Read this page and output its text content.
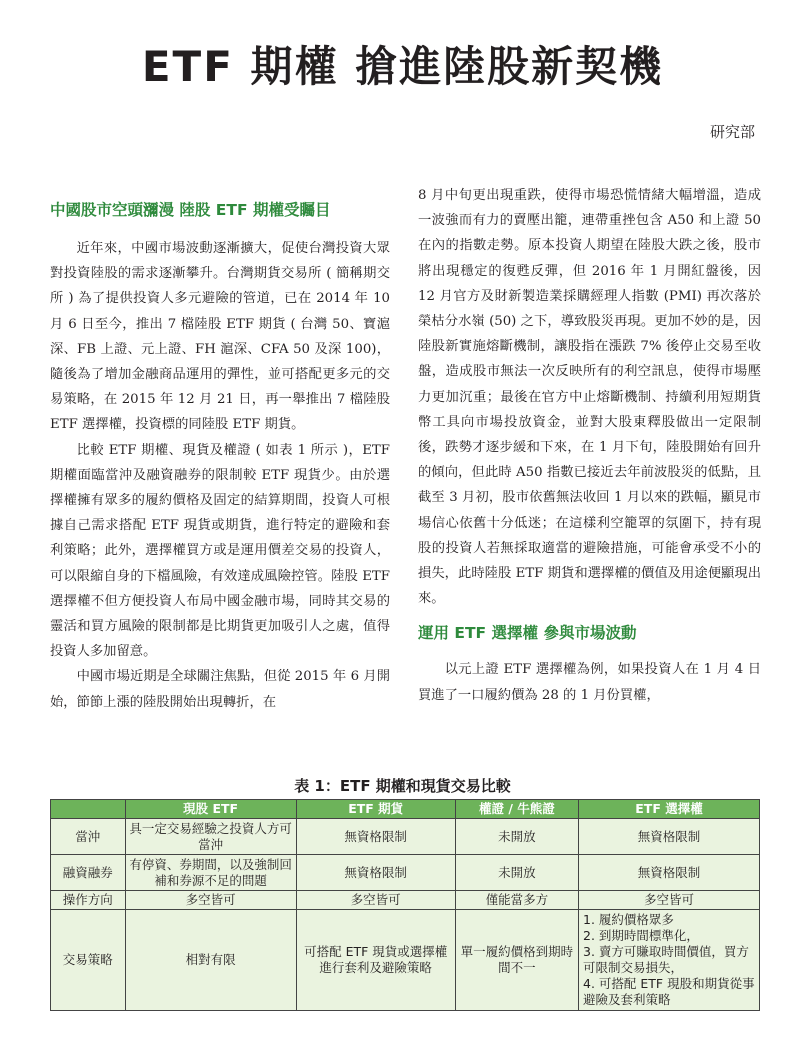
ETF 期權 搶進陸股新契機
研究部
中國股市空頭瀰漫 陸股 ETF 期權受矚目

近年來，中國市場波動逐漸擴大，促使台灣投資大眾對投資陸股的需求逐漸攀升。台灣期貨交易所 ( 簡稱期交所 ) 為了提供投資人多元避險的管道，已在 2014 年 10 月 6 日至今，推出 7 檔陸股 ETF 期貨 ( 台灣 50、寶滬深、FB 上證、元上證、FH 滬深、CFA 50 及深 100)，隨後為了增加金融商品運用的彈性，並可搭配更多元的交易策略，在 2015 年 12 月 21 日，再一舉推出 7 檔陸股 ETF 選擇權，投資標的同陸股 ETF 期貨。

比較 ETF 期權、現貨及權證 ( 如表 1 所示 )，ETF 期權面臨當沖及融資融券的限制較 ETF 現貨少。由於選擇權擁有眾多的履約價格及固定的結算期間，投資人可根據自己需求搭配 ETF 現貨或期貨，進行特定的避險和套利策略；此外，選擇權買方或是運用價差交易的投資人，可以限縮自身的下檔風險，有效達成風險控管。陸股 ETF 選擇權不但方便投資人布局中國金融市場，同時其交易的靈活和買方風險的限制都是比期貨更加吸引人之處，值得投資人多加留意。

中國市場近期是全球關注焦點，但從 2015 年 6 月開始，節節上漲的陸股開始出現轉折，在

8 月中旬更出現重跌，使得市場恐慌情緒大幅增溫，造成一波強而有力的賣壓出籠，連帶重挫包含 A50 和上證 50 在內的指數走勢。原本投資人期望在陸股大跌之後，股市將出現穩定的復甦反彈，但 2016 年 1 月開紅盤後，因 12 月官方及財新製造業採購經理人指數 (PMI) 再次落於榮枯分水嶺 (50) 之下，導致股災再現。更加不妙的是，因陸股新實施熔斷機制，讓股指在漲跌 7% 後停止交易至收盤，造成股市無法一次反映所有的利空訊息，使得市場壓力更加沉重；最後在官方中止熔斷機制、持續利用短期貨幣工具向市場投放資金，並對大股東釋股做出一定限制後，跌勢才逐步緩和下來，在 1 月下旬，陸股開始有回升的傾向，但此時 A50 指數已接近去年前波股災的低點，且截至 3 月初，股市依舊無法收回 1 月以來的跌幅，顯見市場信心依舊十分低迷；在這樣利空籠罩的氛圍下，持有現股的投資人若無採取適當的避險措施，可能會承受不小的損失，此時陸股 ETF 期貨和選擇權的價值及用途便顯現出來。

運用 ETF 選擇權 參與市場波動

以元上證 ETF 選擇權為例，如果投資人在 1 月 4 日買進了一口履約價為 28 的 1 月份買權，

表 1：ETF 期權和現貨交易比較
	現股 ETF	ETF 期貨	權證 / 牛熊證	ETF 選擇權
當沖	具一定交易經驗之投資人方可當沖	無資格限制	未開放	無資格限制
融資融券	有停資、券期間，以及強制回補和券源不足的問題	無資格限制	未開放	無資格限制
操作方向	多空皆可	多空皆可	僅能當多方	多空皆可
交易策略	相對有限	可搭配 ETF 現貨或選擇權進行套利及避險策略	單一履約價格到期時間不一	1. 履約價格眾多
2. 到期時間標準化，
3. 賣方可賺取時間價值，買方可限制交易損失，
4. 可搭配 ETF 現股和期貨從事避險及套利策略
